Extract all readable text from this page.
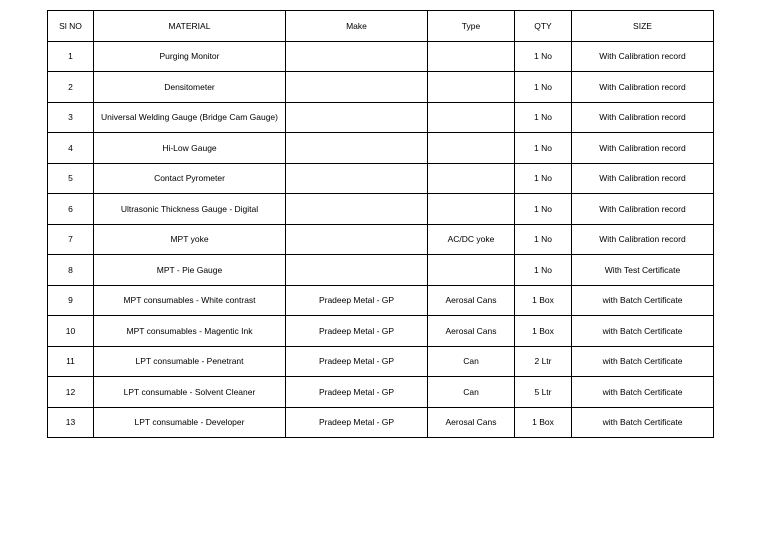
Sl NO	MATERIAL	Make	Type	QTY	SIZE
1	Purging Monitor			1 No	With Calibration record
2	Densitometer			1 No	With Calibration record
3	Universal Welding Gauge (Bridge Cam Gauge)			1 No	With Calibration record
4	Hi-Low Gauge			1 No	With Calibration record
5	Contact Pyrometer			1 No	With Calibration record
6	Ultrasonic Thickness Gauge - Digital			1 No	With Calibration record
7	MPT yoke		AC/DC yoke	1 No	With Calibration record
8	MPT - Pie Gauge			1 No	With Test Certificate
9	MPT consumables - White contrast	Pradeep Metal - GP	Aerosal Cans	1 Box	with Batch Certificate
10	MPT consumables - Magentic Ink	Pradeep Metal - GP	Aerosal Cans	1 Box	with Batch Certificate
11	LPT consumable - Penetrant	Pradeep Metal - GP	Can	2 Ltr	with Batch Certificate
12	LPT consumable - Solvent Cleaner	Pradeep Metal - GP	Can	5 Ltr	with Batch Certificate
13	LPT consumable - Developer	Pradeep Metal - GP	Aerosal Cans	1 Box	with Batch Certificate
